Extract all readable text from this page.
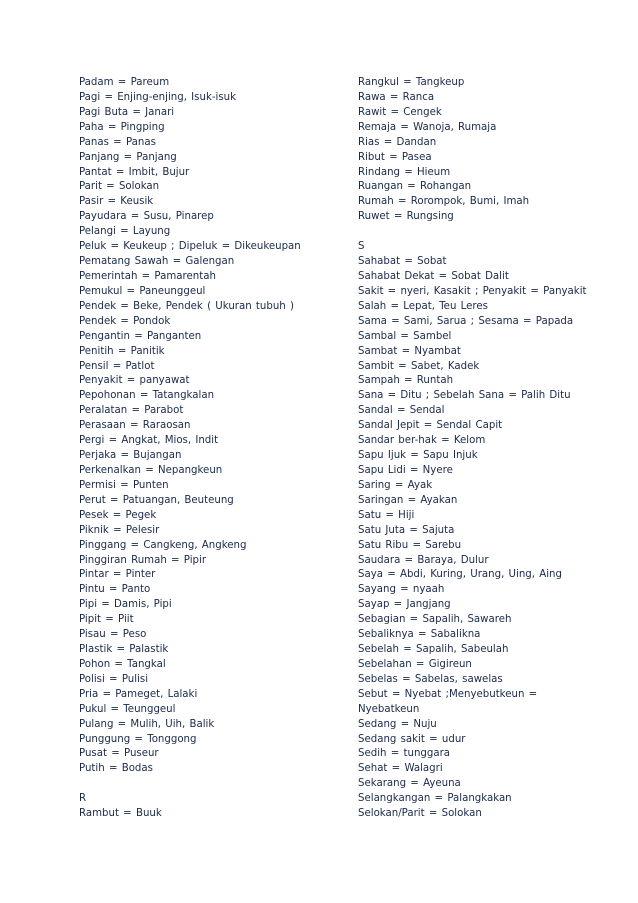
Padam = Pareum
Pagi = Enjing-enjing, Isuk-isuk
Pagi Buta = Janari
Paha = Pingping
Panas = Panas
Panjang = Panjang
Pantat = Imbit, Bujur
Parit = Solokan
Pasir = Keusik
Payudara = Susu, Pinarep
Pelangi = Layung
Peluk = Keukeup ; Dipeluk = Dikeukeupan
Pematang Sawah = Galengan
Pemerintah = Pamarentah
Pemukul = Paneunggeul
Pendek = Beke, Pendek ( Ukuran tubuh )
Pendek = Pondok
Pengantin = Panganten
Penitih = Panitik
Pensil = Patlot
Penyakit = panyawat
Pepohonan = Tatangkalan
Peralatan = Parabot
Perasaan = Raraosan
Pergi = Angkat, Mios, Indit
Perjaka = Bujangan
Perkenalkan = Nepangkeun
Permisi = Punten
Perut = Patuangan, Beuteung
Pesek = Pegek
Piknik = Pelesir
Pinggang = Cangkeng, Angkeng
Pinggiran Rumah = Pipir
Pintar = Pinter
Pintu = Panto
Pipi = Damis, Pipi
Pipit = Piit
Pisau = Peso
Plastik = Palastik
Pohon = Tangkal
Polisi = Pulisi
Pria = Pameget, Lalaki
Pukul = Teunggeul
Pulang = Mulih, Uih, Balik
Punggung = Tonggong
Pusat = Puseur
Putih = Bodas
R
Rambut = Buuk
Rangkul = Tangkeup
Rawa = Ranca
Rawit = Cengek
Remaja = Wanoja, Rumaja
Rias = Dandan
Ribut = Pasea
Rindang = Hieum
Ruangan = Rohangan
Rumah = Rorompok, Bumi, Imah
Ruwet = Rungsing
S
Sahabat = Sobat
Sahabat Dekat = Sobat Dalit
Sakit = nyeri, Kasakit ; Penyakit = Panyakit
Salah = Lepat, Teu Leres
Sama = Sami, Sarua ; Sesama = Papada
Sambal = Sambel
Sambat = Nyambat
Sambit = Sabet, Kadek
Sampah = Runtah
Sana = Ditu ; Sebelah Sana = Palih Ditu
Sandal = Sendal
Sandal Jepit = Sendal Capit
Sandar ber-hak = Kelom
Sapu Ijuk = Sapu Injuk
Sapu Lidi = Nyere
Saring = Ayak
Saringan = Ayakan
Satu = Hiji
Satu Juta = Sajuta
Satu Ribu = Sarebu
Saudara = Baraya, Dulur
Saya = Abdi, Kuring, Urang, Uing, Aing
Sayang = nyaah
Sayap = Jangjang
Sebagian = Sapalih, Sawareh
Sebaliknya = Sabalikna
Sebelah = Sapalih, Sabeulah
Sebelahan = Gigireun
Sebelas = Sabelas, sawelas
Sebut = Nyebat ;Menyebutkeun =
Nyebatkeun
Sedang = Nuju
Sedang sakit = udur
Sedih = tunggara
Sehat = Walagri
Sekarang = Ayeuna
Selangkangan = Palangkakan
Selokan/Parit = Solokan
